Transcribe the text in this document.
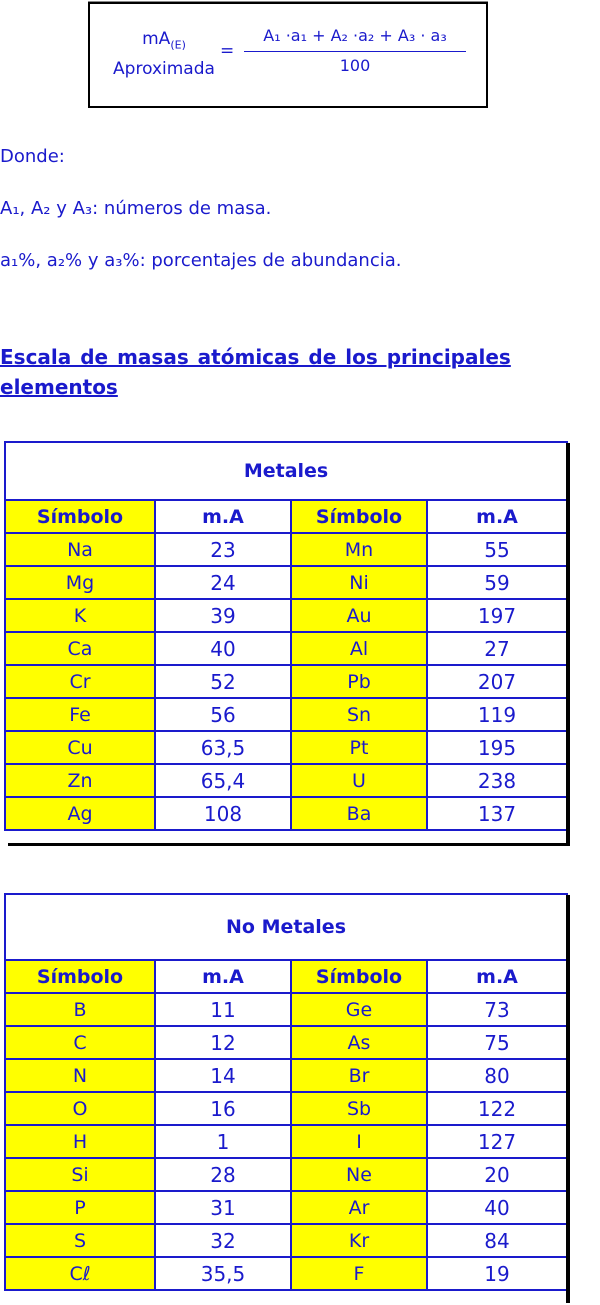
$mA_{(E)}$
Aproximada
=
A₁ ·a₁ + A₂ ·a₂ + A₃ · a₃
100
Donde:
A₁, A₂ y A₃: números de masa.
a₁%, a₂% y a₃%: porcentajes de abundancia.
Escala de masas atómicas de los principales elementos
Metales			
Símbolo	m.A	Símbolo	m.A
Na	23	Mn	55
Mg	24	Ni	59
K	39	Au	197
Ca	40	Al	27
Cr	52	Pb	207
Fe	56	Sn	119
Cu	63,5	Pt	195
Zn	65,4	U	238
Ag	108	Ba	137
No Metales			
Símbolo	m.A	Símbolo	m.A
B	11	Ge	73
C	12	As	75
N	14	Br	80
O	16	Sb	122
H	1	I	127
Si	28	Ne	20
P	31	Ar	40
S	32	Kr	84
Cℓ	35,5	F	19
